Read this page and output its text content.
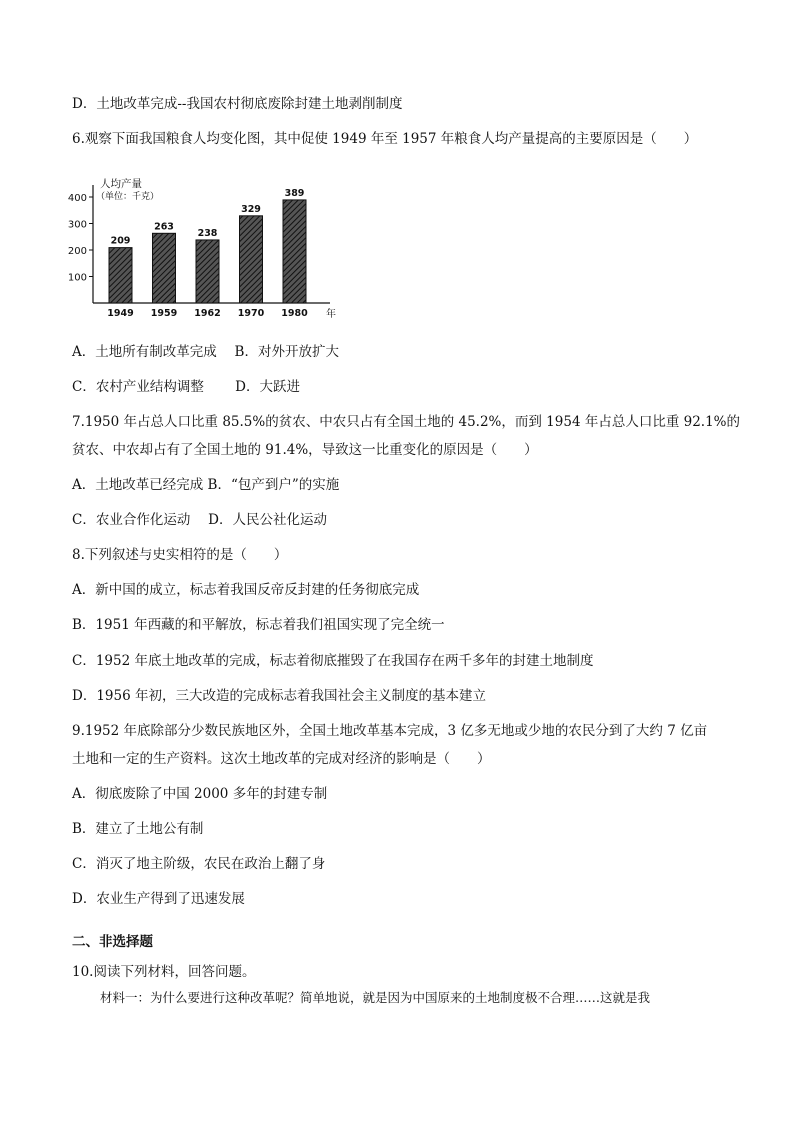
D．土地改革完成--我国农村彻底废除封建土地剥削制度
6.观察下面我国粮食人均变化图，其中促使 1949 年至 1957 年粮食人均产量提高的主要原因是（　　）
人均产量
（单位：千克）
年
100
200
300
400
209
1949
263
1959
238
1962
329
1970
389
1980
A．土地所有制改革完成　 B．对外开放扩大
C．农村产业结构调整　　 D．大跃进
7.1950 年占总人口比重 85.5%的贫农、中农只占有全国土地的 45.2%，而到 1954 年占总人口比重 92.1%的
贫农、中农却占有了全国土地的 91.4%，导致这一比重变化的原因是（　　）
A．土地改革已经完成 B．“包产到户”的实施
C．农业合作化运动　 D．人民公社化运动
8.下列叙述与史实相符的是（　　）
A．新中国的成立，标志着我国反帝反封建的任务彻底完成
B．1951 年西藏的和平解放，标志着我们祖国实现了完全统一
C．1952 年底土地改革的完成，标志着彻底摧毁了在我国存在两千多年的封建土地制度
D．1956 年初，三大改造的完成标志着我国社会主义制度的基本建立
9.1952 年底除部分少数民族地区外，全国土地改革基本完成，3 亿多无地或少地的农民分到了大约 7 亿亩
土地和一定的生产资料。这次土地改革的完成对经济的影响是（　　）
A．彻底废除了中国 2000 多年的封建专制
B．建立了土地公有制
C．消灭了地主阶级，农民在政治上翻了身
D．农业生产得到了迅速发展
二、非选择题
10.阅读下列材料，回答问题。
材料一：为什么要进行这种改革呢？简单地说，就是因为中国原来的土地制度极不合理……这就是我
